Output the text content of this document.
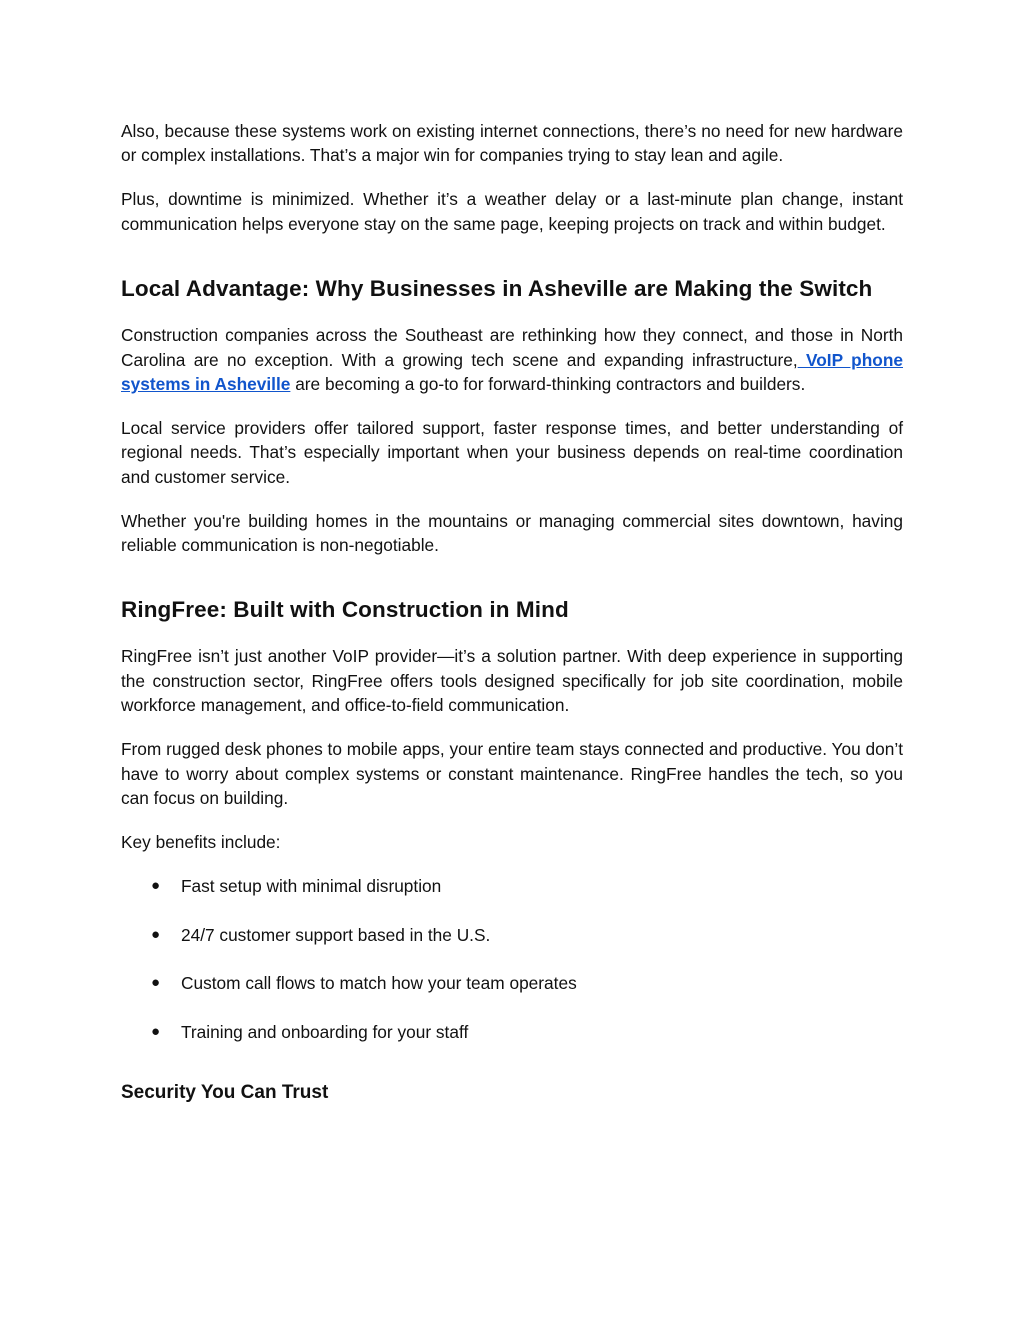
Also, because these systems work on existing internet connections, there’s no need for new hardware or complex installations. That’s a major win for companies trying to stay lean and agile.

Plus, downtime is minimized. Whether it’s a weather delay or a last-minute plan change, instant communication helps everyone stay on the same page, keeping projects on track and within budget.

Local Advantage: Why Businesses in Asheville are Making the Switch

Construction companies across the Southeast are rethinking how they connect, and those in North Carolina are no exception. With a growing tech scene and expanding infrastructure, VoIP phone systems in Asheville are becoming a go-to for forward-thinking contractors and builders.

Local service providers offer tailored support, faster response times, and better understanding of regional needs. That’s especially important when your business depends on real-time coordination and customer service.

Whether you're building homes in the mountains or managing commercial sites downtown, having reliable communication is non-negotiable.

RingFree: Built with Construction in Mind

RingFree isn’t just another VoIP provider—it’s a solution partner. With deep experience in supporting the construction sector, RingFree offers tools designed specifically for job site coordination, mobile workforce management, and office-to-field communication.

From rugged desk phones to mobile apps, your entire team stays connected and productive. You don’t have to worry about complex systems or constant maintenance. RingFree handles the tech, so you can focus on building.

Key benefits include:

● Fast setup with minimal disruption
● 24/7 customer support based in the U.S.
● Custom call flows to match how your team operates
● Training and onboarding for your staff
Security You Can Trust
